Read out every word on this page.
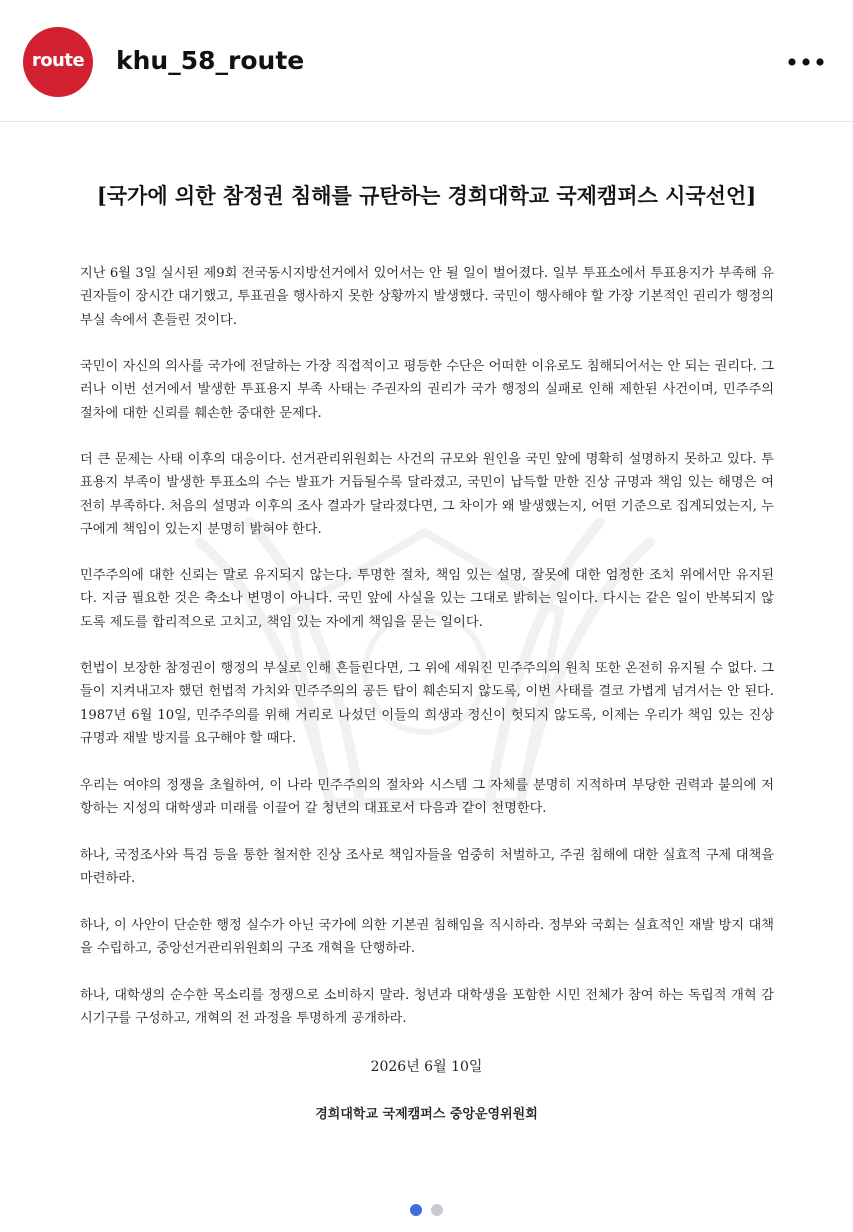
route	khu_58_route
[국가에 의한 참정권 침해를 규탄하는 경희대학교 국제캠퍼스 시국선언]

지난 6월 3일 실시된 제9회 전국동시지방선거에서 있어서는 안 될 일이 벌어졌다. 일부 투표소에서 투표용지가 부족해 유권자들이 장시간 대기했고, 투표권을 행사하지 못한 상황까지 발생했다. 국민이 행사해야 할 가장 기본적인 권리가 행정의 부실 속에서 흔들린 것이다.

국민이 자신의 의사를 국가에 전달하는 가장 직접적이고 평등한 수단은 어떠한 이유로도 침해되어서는 안 되는 권리다. 그러나 이번 선거에서 발생한 투표용지 부족 사태는 주권자의 권리가 국가 행정의 실패로 인해 제한된 사건이며, 민주주의 절차에 대한 신뢰를 훼손한 중대한 문제다.

더 큰 문제는 사태 이후의 대응이다. 선거관리위원회는 사건의 규모와 원인을 국민 앞에 명확히 설명하지 못하고 있다. 투표용지 부족이 발생한 투표소의 수는 발표가 거듭될수록 달라졌고, 국민이 납득할 만한 진상 규명과 책임 있는 해명은 여전히 부족하다. 처음의 설명과 이후의 조사 결과가 달라졌다면, 그 차이가 왜 발생했는지, 어떤 기준으로 집계되었는지, 누구에게 책임이 있는지 분명히 밝혀야 한다.

민주주의에 대한 신뢰는 말로 유지되지 않는다. 투명한 절차, 책임 있는 설명, 잘못에 대한 엄정한 조치 위에서만 유지된다. 지금 필요한 것은 축소나 변명이 아니다. 국민 앞에 사실을 있는 그대로 밝히는 일이다. 다시는 같은 일이 반복되지 않도록 제도를 합리적으로 고치고, 책임 있는 자에게 책임을 묻는 일이다.

헌법이 보장한 참정권이 행정의 부실로 인해 흔들린다면, 그 위에 세워진 민주주의의 원칙 또한 온전히 유지될 수 없다. 그들이 지켜내고자 했던 헌법적 가치와 민주주의의 공든 탑이 훼손되지 않도록, 이번 사태를 결코 가볍게 넘겨서는 안 된다. 1987년 6월 10일, 민주주의를 위해 거리로 나섰던 이들의 희생과 정신이 헛되지 않도록, 이제는 우리가 책임 있는 진상 규명과 재발 방지를 요구해야 할 때다.

우리는 여야의 정쟁을 초월하여, 이 나라 민주주의의 절차와 시스템 그 자체를 분명히 지적하며 부당한 권력과 불의에 저항하는 지성의 대학생과 미래를 이끌어 갈 청년의 대표로서 다음과 같이 천명한다.

하나, 국정조사와 특검 등을 통한 철저한 진상 조사로 책임자들을 엄중히 처벌하고, 주권 침해에 대한 실효적 구제 대책을 마련하라.

하나, 이 사안이 단순한 행정 실수가 아닌 국가에 의한 기본권 침해임을 직시하라. 정부와 국회는 실효적인 재발 방지 대책을 수립하고, 중앙선거관리위원회의 구조 개혁을 단행하라.

하나, 대학생의 순수한 목소리를 정쟁으로 소비하지 말라. 청년과 대학생을 포함한 시민 전체가 참여 하는 독립적 개혁 감시기구를 구성하고, 개혁의 전 과정을 투명하게 공개하라.

2026년 6월 10일
경희대학교 국제캠퍼스 중앙운영위원회
